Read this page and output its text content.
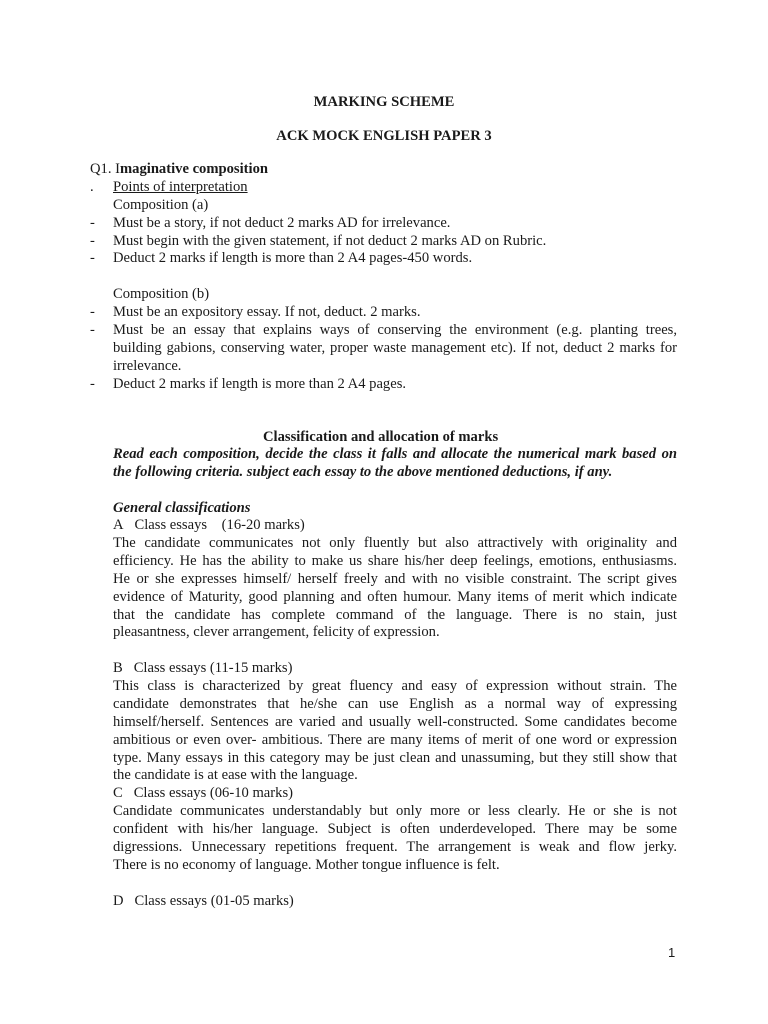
MARKING SCHEME
ACK MOCK ENGLISH PAPER 3
Q1. Imaginative composition
. Points of interpretation
Composition (a)
- Must be a story, if not deduct 2 marks AD for irrelevance.
- Must begin with the given statement, if not deduct 2 marks AD on Rubric.
- Deduct 2 marks if length is more than 2 A4 pages-450 words.
Composition (b)
- Must be an expository essay. If not, deduct. 2 marks.
- Must be an essay that explains ways of conserving the environment (e.g. planting trees,
building gabions, conserving water, proper waste management etc). If not, deduct 2 marks for
irrelevance.
- Deduct 2 marks if length is more than 2 A4 pages.
Classification and allocation of marks
Read each composition, decide the class it falls and allocate the numerical mark based on
the following criteria. subject each essay to the above mentioned deductions, if any.
General classifications
A Class essays (16-20 marks)
The candidate communicates not only fluently but also attractively with originality and
efficiency. He has the ability to make us share his/her deep feelings, emotions, enthusiasms.
He or she expresses himself/ herself freely and with no visible constraint. The script gives
evidence of Maturity, good planning and often humour. Many items of merit which indicate
that the candidate has complete command of the language. There is no stain, just
pleasantness, clever arrangement, felicity of expression.
B Class essays (11-15 marks)
This class is characterized by great fluency and easy of expression without strain. The
candidate demonstrates that he/she can use English as a normal way of expressing
himself/herself. Sentences are varied and usually well-constructed. Some candidates become
ambitious or even over- ambitious. There are many items of merit of one word or expression
type. Many essays in this category may be just clean and unassuming, but they still show that
the candidate is at ease with the language.
C Class essays (06-10 marks)
Candidate communicates understandably but only more or less clearly. He or she is not
confident with his/her language. Subject is often underdeveloped. There may be some
digressions. Unnecessary repetitions frequent. The arrangement is weak and flow jerky.
There is no economy of language. Mother tongue influence is felt.
D Class essays (01-05 marks)
1
